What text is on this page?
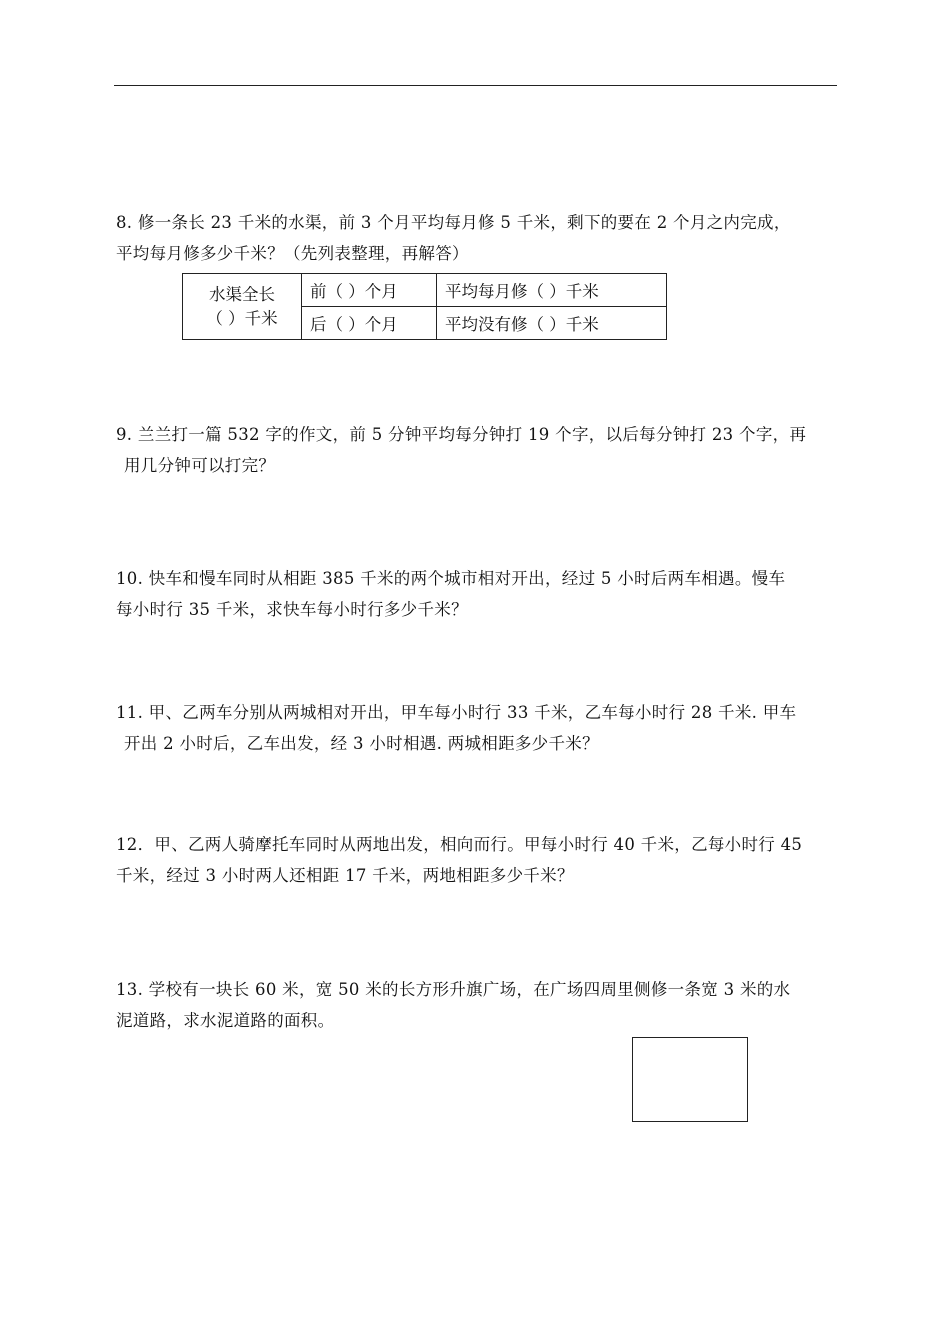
8. 修一条长 23 千米的水渠，前 3 个月平均每月修 5 千米，剩下的要在 2 个月之内完成，

平均每月修多少千米？（先列表整理，再解答）

水渠全长
（ ）千米	前（ ）个月	平均每月修（ ）千米
	后（ ）个月	平均没有修（ ）千米

9. 兰兰打一篇 532 字的作文，前 5 分钟平均每分钟打 19 个字，以后每分钟打 23 个字，再

用几分钟可以打完？

10. 快车和慢车同时从相距 385 千米的两个城市相对开出，经过 5 小时后两车相遇。慢车

每小时行 35 千米，求快车每小时行多少千米？

11. 甲、乙两车分别从两城相对开出，甲车每小时行 33 千米，乙车每小时行 28 千米. 甲车

开出 2 小时后，乙车出发，经 3 小时相遇. 两城相距多少千米？

12．甲、乙两人骑摩托车同时从两地出发，相向而行。甲每小时行 40 千米，乙每小时行 45

千米，经过 3 小时两人还相距 17 千米，两地相距多少千米？

13. 学校有一块长 60 米，宽 50 米的长方形升旗广场，在广场四周里侧修一条宽 3 米的水

泥道路，求水泥道路的面积。
